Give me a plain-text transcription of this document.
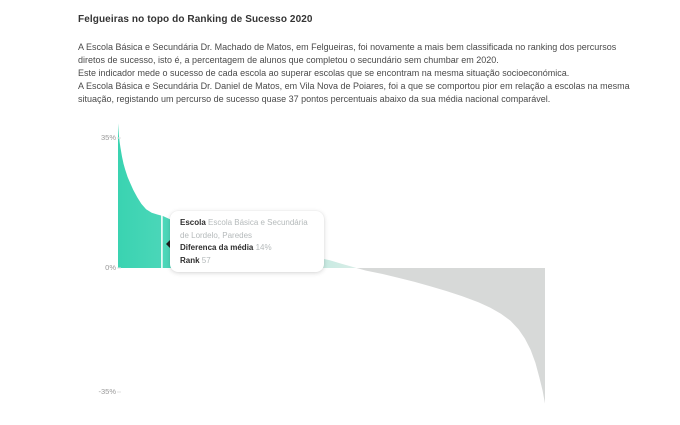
Felgueiras no topo do Ranking de Sucesso 2020
A Escola Básica e Secundária Dr. Machado de Matos, em Felgueiras, foi novamente a mais bem classificada no ranking dos percursos
diretos de sucesso, isto é, a percentagem de alunos que completou o secundário sem chumbar em 2020.
Este indicador mede o sucesso de cada escola ao superar escolas que se encontram na mesma situação socioeconómica.
A Escola Básica e Secundária Dr. Daniel de Matos, em Vila Nova de Poiares, foi a que se comportou pior em relação a escolas na mesma
situação, registando um percurso de sucesso quase 37 pontos percentuais abaixo da sua média nacional comparável.
35%
0%
-35%
Escola Escola Básica e Secundária de Lordelo, Paredes
Diferenca da média 14%
Rank 57
